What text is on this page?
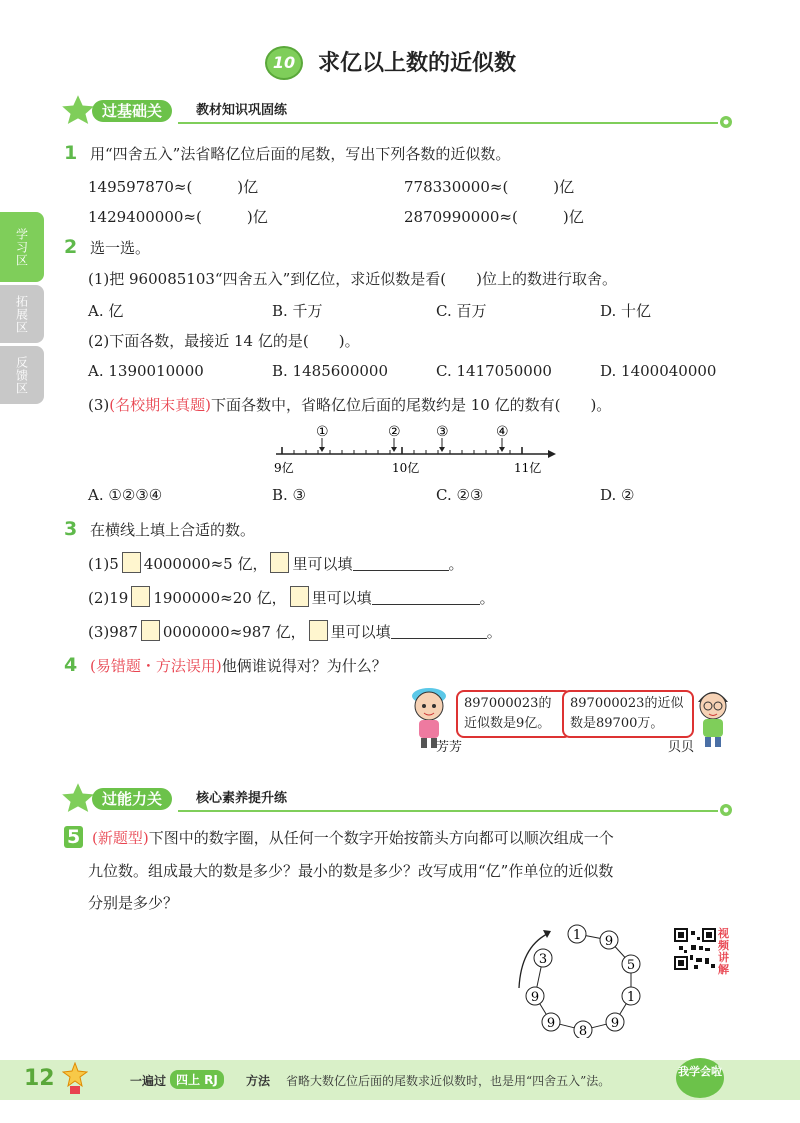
10	求亿以上数的近似数
过基础关	教材知识巩固练
学习区
拓展区
反馈区
1 用“四舍五入”法省略亿位后面的尾数，写出下列各数的近似数。
149597870≈(　　　)亿	778330000≈(　　　)亿
1429400000≈(　　　)亿	2870990000≈(　　　)亿
2 选一选。
(1)把 960085103“四舍五入”到亿位，求近似数是看(　　)位上的数进行取舍。
A. 亿	B. 千万	C. 百万	D. 十亿
(2)下面各数，最接近 14 亿的是(　　)。
A. 1390010000	B. 1485600000	C. 1417050000	D. 1400040000
(3)(名校期末真题)下面各数中，省略亿位后面的尾数约是 10 亿的数有(　　)。
9亿	10亿	11亿
①	②	③	④
A. ①②③④	B. ③	C. ②③	D. ②
3 在横线上填上合适的数。
(1)5 4000000≈5 亿， 里可以填	。
(2)19 1900000≈20 亿， 里可以填	。
(3)987 0000000≈987 亿， 里可以填	。
4 (易错题・方法误用)他俩谁说得对？为什么？
芳芳
897000023的近似数是9亿。
897000023的近似数是89700万。
贝贝
过能力关	核心素养提升练
5 (新题型)下图中的数字圈，从任何一个数字开始按箭头方向都可以顺次组成一个
九位数。组成最大的数是多少？最小的数是多少？改写成用“亿”作单位的近似数
分别是多少？
1 9
5
1
9
8
9
9
3
视频讲解
12	一遍过 四上 RJ	方法 省略大数亿位后面的尾数求近似数时，也是用“四舍五入”法。
我学会啦
